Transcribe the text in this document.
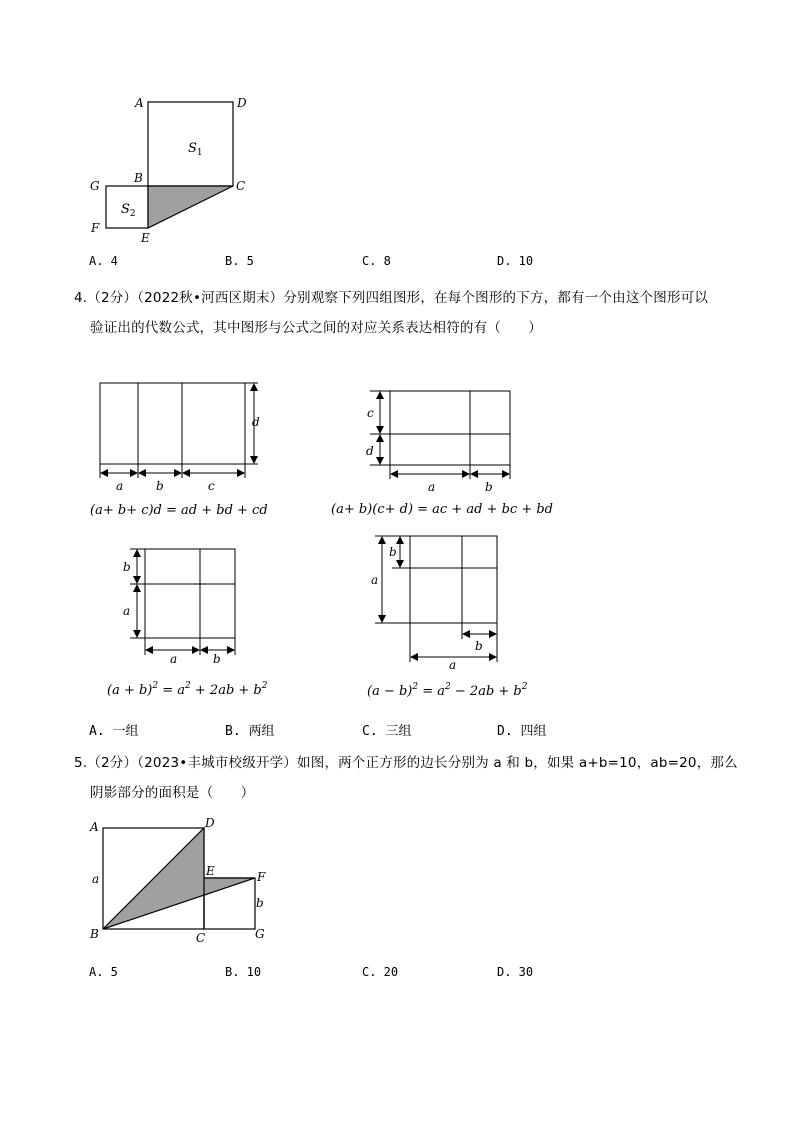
A	D
G
B
C
F
E
$S_1$
$S_2$
A. 4	B. 5	C. 8	D. 10
4.（2分）（2022秋•河西区期末）分别观察下列四组图形，在每个图形的下方，都有一个由这个图形可以
验证出的代数公式，其中图形与公式之间的对应关系表达相符的有（　　）
d
a	b	c
(a+ b+ c)d = ad + bd + cd
c
d
a	b
(a+ b)(c+ d) = ac + ad + bc + bd
b
a
a	b
$(a + b)^2 = a^2 + 2ab + b^2$
a
b
b
a
$(a - b)^2 = a^2 - 2ab + b^2$
A. 一组	B. 两组	C. 三组	D. 四组
5.（2分）（2023•丰城市校级开学）如图，两个正方形的边长分别为 a 和 b，如果 a+b=10，ab=20，那么
阴影部分的面积是（　　）
A	D
E	F
a
b
B	C	G
A. 5	B. 10	C. 20	D. 30
